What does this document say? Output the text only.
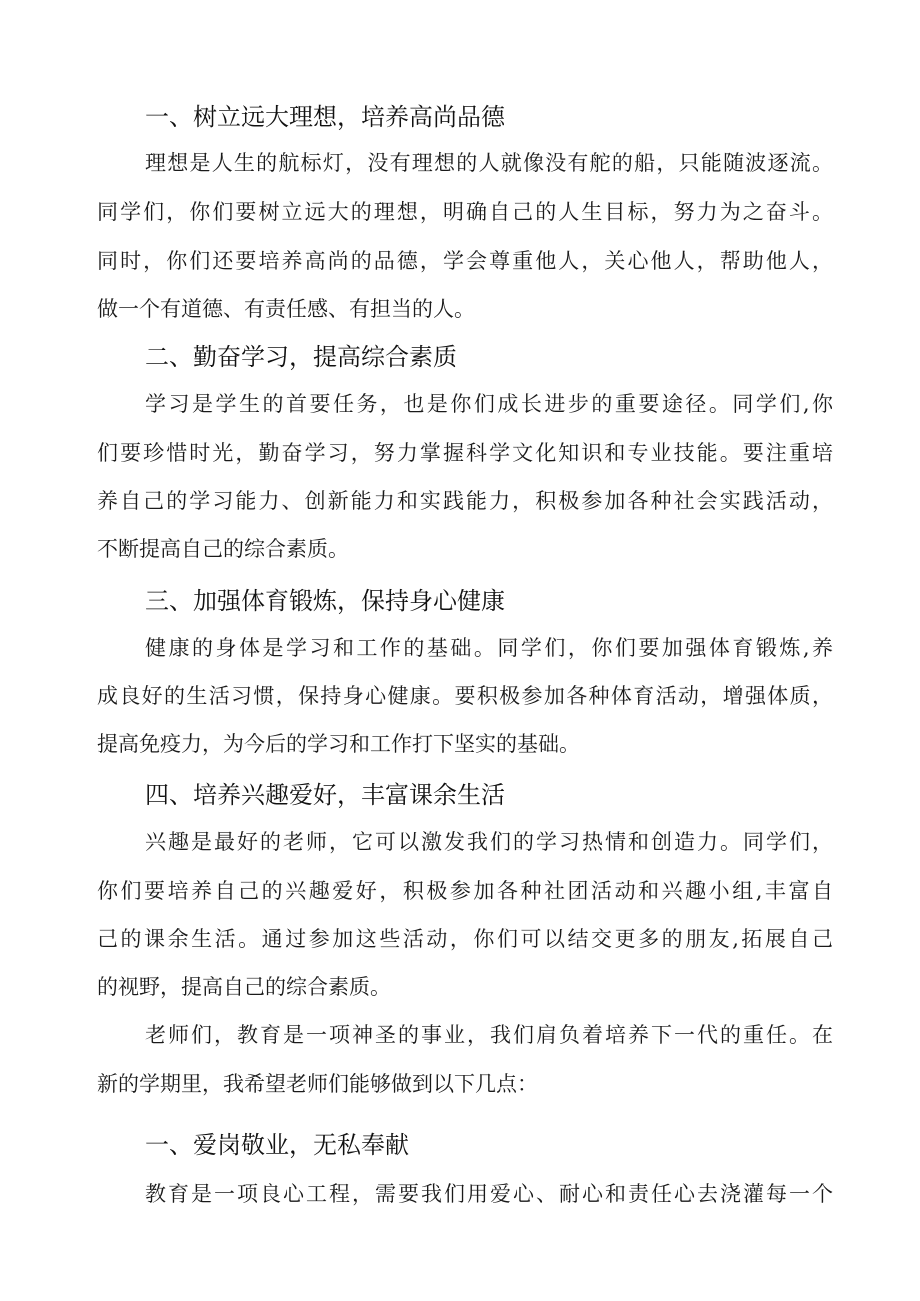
一、树立远大理想，培养高尚品德
理想是人生的航标灯，没有理想的人就像没有舵的船，只能随波逐流。
同学们，你们要树立远大的理想，明确自己的人生目标，努力为之奋斗。
同时，你们还要培养高尚的品德，学会尊重他人，关心他人，帮助他人，
做一个有道德、有责任感、有担当的人。
二、勤奋学习，提高综合素质
学习是学生的首要任务，也是你们成长进步的重要途径。同学们,你
们要珍惜时光，勤奋学习，努力掌握科学文化知识和专业技能。要注重培
养自己的学习能力、创新能力和实践能力，积极参加各种社会实践活动，
不断提高自己的综合素质。
三、加强体育锻炼，保持身心健康
健康的身体是学习和工作的基础。同学们，你们要加强体育锻炼,养
成良好的生活习惯，保持身心健康。要积极参加各种体育活动，增强体质，
提高免疫力，为今后的学习和工作打下坚实的基础。
四、培养兴趣爱好，丰富课余生活
兴趣是最好的老师，它可以激发我们的学习热情和创造力。同学们，
你们要培养自己的兴趣爱好，积极参加各种社团活动和兴趣小组,丰富自
己的课余生活。通过参加这些活动，你们可以结交更多的朋友,拓展自己
的视野，提高自己的综合素质。
老师们，教育是一项神圣的事业，我们肩负着培养下一代的重任。在
新的学期里，我希望老师们能够做到以下几点：
一、爱岗敬业，无私奉献
教育是一项良心工程，需要我们用爱心、耐心和责任心去浇灌每一个
